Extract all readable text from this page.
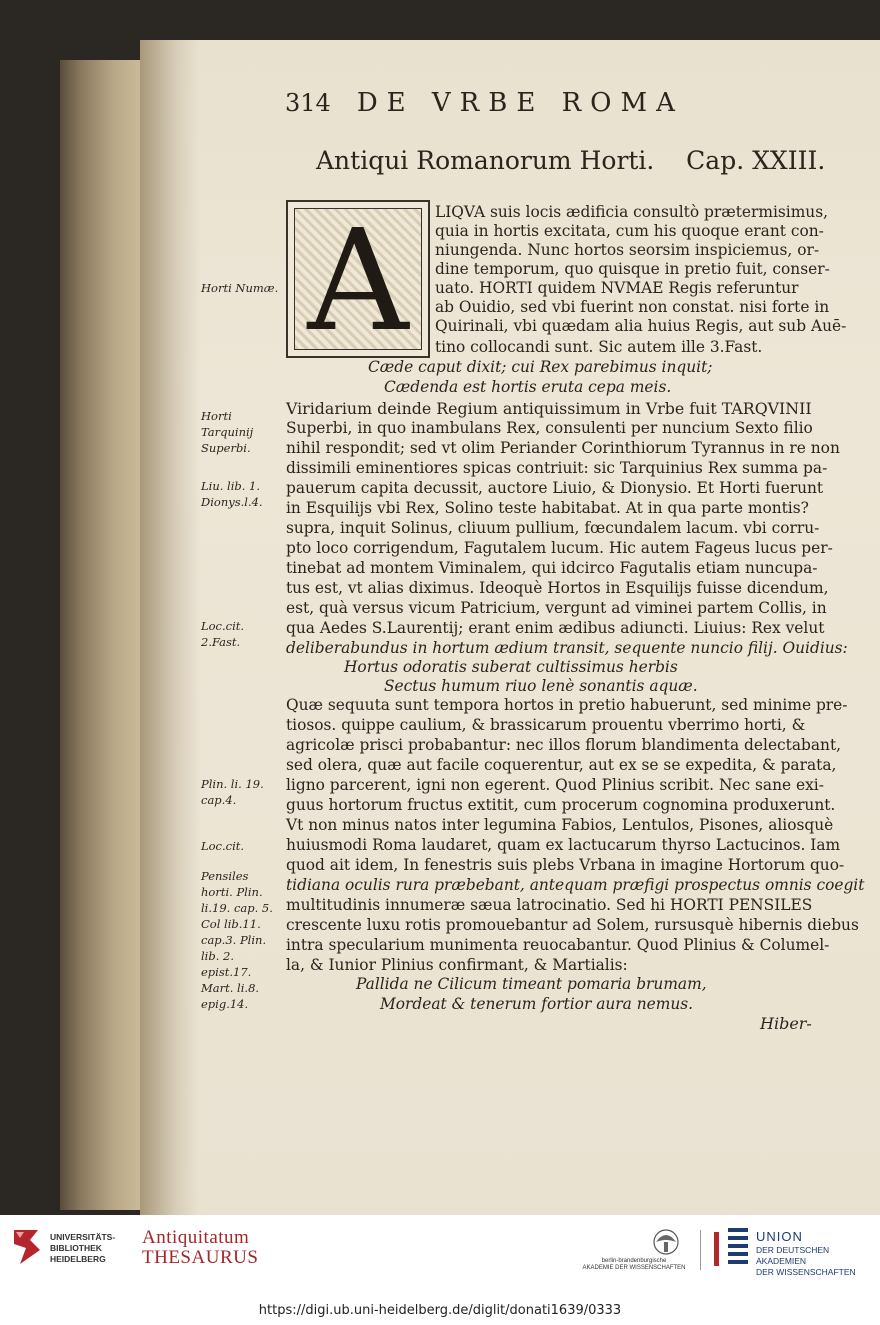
314 DE VRBE ROMA
Antiqui Romanorum Horti.    Cap. XXIII.
A	LIQVA suis locis ædificia consultò prætermisimus,
quia in hortis excitata, cum his quoque erant con-
niungenda. Nunc hortos seorsim inspiciemus, or-
dine temporum, quo quisque in pretio fuit, conser-
uato. HORTI quidem NVMAE Regis referuntur
ab Ouidio, sed vbi fuerint non constat. nisi forte in
Quirinali, vbi quædam alia huius Regis, aut sub Auē-
tino collocandi sunt. Sic autem ille 3.Fast.
Cæde caput dixit; cui Rex parebimus inquit;
Cædenda est hortis eruta cepa meis.
Viridarium deinde Regium antiquissimum in Vrbe fuit TARQVINII
Superbi, in quo inambulans Rex, consulenti per nuncium Sexto filio
nihil respondit; sed vt olim Periander Corinthiorum Tyrannus in re non
dissimili eminentiores spicas contriuit: sic Tarquinius Rex summa pa-
pauerum capita decussit, auctore Liuio, & Dionysio. Et Horti fuerunt
in Esquilijs vbi Rex, Solino teste habitabat. At in qua parte montis?
supra, inquit Solinus, cliuum pullium, fœcundalem lacum. vbi corru-
pto loco corrigendum, Fagutalem lucum. Hic autem Fageus lucus per-
tinebat ad montem Viminalem, qui idcirco Fagutalis etiam nuncupa-
tus est, vt alias diximus. Ideoquè Hortos in Esquilijs fuisse dicendum,
est, quà versus vicum Patricium, vergunt ad viminei partem Collis, in
qua Aedes S.Laurentij; erant enim ædibus adiuncti. Liuius: Rex velut
deliberabundus in hortum ædium transit, sequente nuncio filij. Ouidius:
Hortus odoratis suberat cultissimus herbis
Sectus humum riuo lenè sonantis aquæ.
Quæ sequuta sunt tempora hortos in pretio habuerunt, sed minime pre-
tiosos. quippe caulium, & brassicarum prouentu vberrimo horti, &
agricolæ prisci probabantur: nec illos florum blandimenta delectabant,
sed olera, quæ aut facile coquerentur, aut ex se se expedita, & parata,
ligno parcerent, igni non egerent. Quod Plinius scribit. Nec sane exi-
guus hortorum fructus extitit, cum procerum cognomina produxerunt.
Vt non minus natos inter legumina Fabios, Lentulos, Pisones, aliosquè
huiusmodi Roma laudaret, quam ex lactucarum thyrso Lactucinos. Iam
quod ait idem, In fenestris suis plebs Vrbana in imagine Hortorum quo-
tidiana oculis rura præbebant, antequam præfigi prospectus omnis coegit
multitudinis innumeræ sæua latrocinatio. Sed hi HORTI PENSILES
crescente luxu rotis promouebantur ad Solem, rursusquè hibernis diebus
intra specularium munimenta reuocabantur. Quod Plinius & Columel-
la, & Iunior Plinius confirmant, & Martialis:
Pallida ne Cilicum timeant pomaria brumam,
Mordeat & tenerum fortior aura nemus.
Hiber-
Horti Numæ.
Horti Tarquinij Superbi.
Liu. lib. 1. Dionys.l.4.
Loc.cit. 2.Fast.
Plin. li. 19. cap.4.
Loc.cit.
Pensiles horti. Plin. li.19. cap. 5. Col lib.11. cap.3. Plin. lib. 2. epist.17. Mart. li.8. epig.14.
UNIVERSITÄTS-
BIBLIOTHEK
HEIDELBERG
Antiquitatum
THESAURUS	berlin-brandenburgische
AKADEMIE DER WISSENSCHAFTEN
UNION
DER DEUTSCHEN AKADEMIEN
DER WISSENSCHAFTEN
https://digi.ub.uni-heidelberg.de/diglit/donati1639/0333
